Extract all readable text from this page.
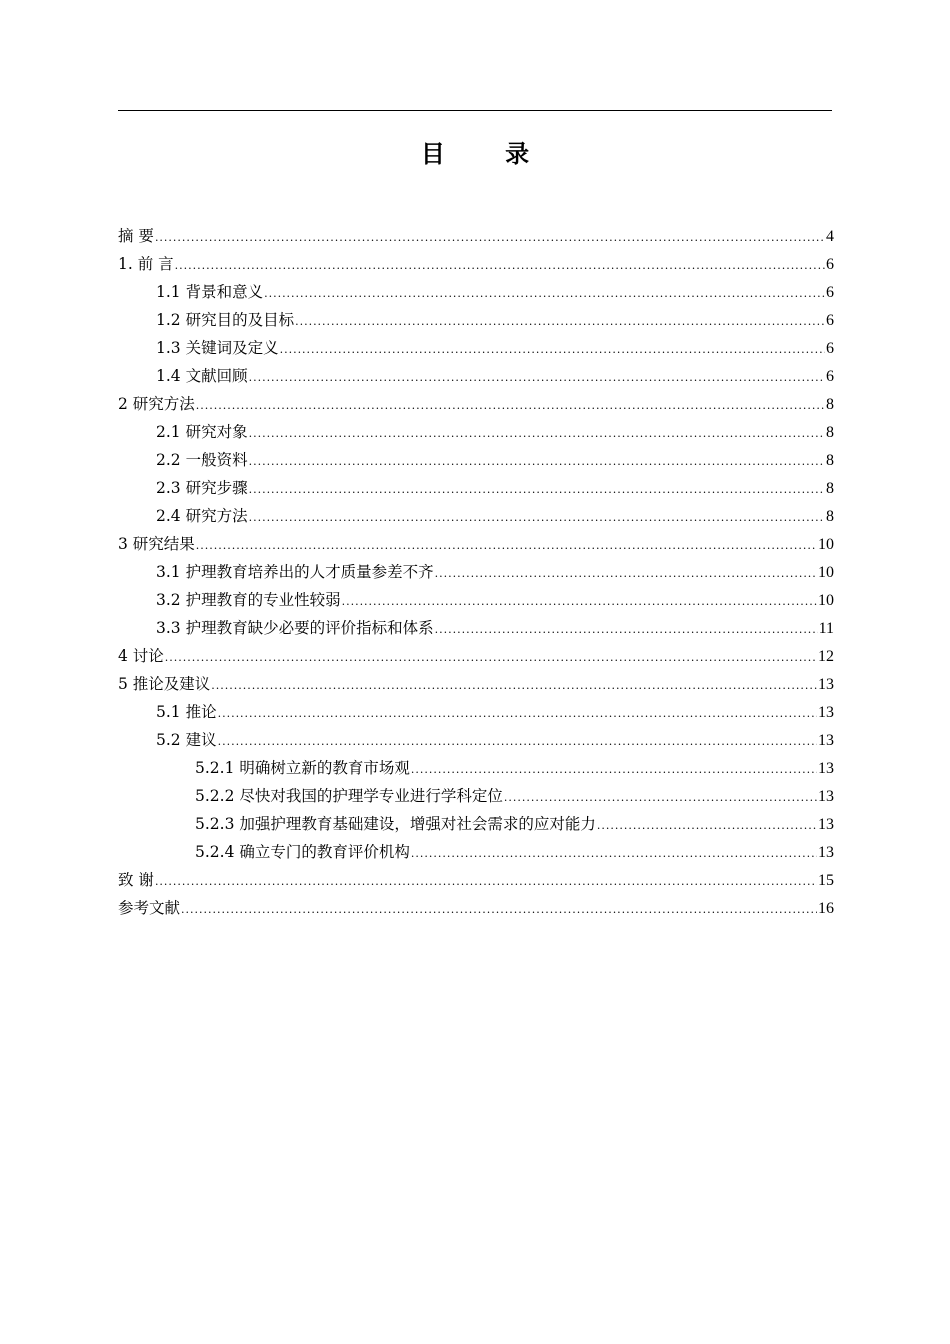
目 录
摘 要 .....	4
1. 前 言 .....	6
1.1 背景和意义 .....	6
1.2 研究目的及目标 .....	6
1.3 关键词及定义 .....	6
1.4 文献回顾 .....	6
2 研究方法 .....	8
2.1 研究对象 .....	8
2.2 一般资料 .....	8
2.3 研究步骤 .....	8
2.4 研究方法 .....	8
3 研究结果 .....	10
3.1 护理教育培养出的人才质量参差不齐 .....	10
3.2 护理教育的专业性较弱 .....	10
3.3 护理教育缺少必要的评价指标和体系 .....	11
4 讨论 .....	12
5 推论及建议 .....	13
5.1 推论 .....	13
5.2 建议 .....	13
5.2.1 明确树立新的教育市场观 .....	13
5.2.2 尽快对我国的护理学专业进行学科定位 .....	13
5.2.3 加强护理教育基础建设，增强对社会需求的应对能力 .....	13
5.2.4 确立专门的教育评价机构 .....	13
致 谢 .....	15
参考文献 .....	16
